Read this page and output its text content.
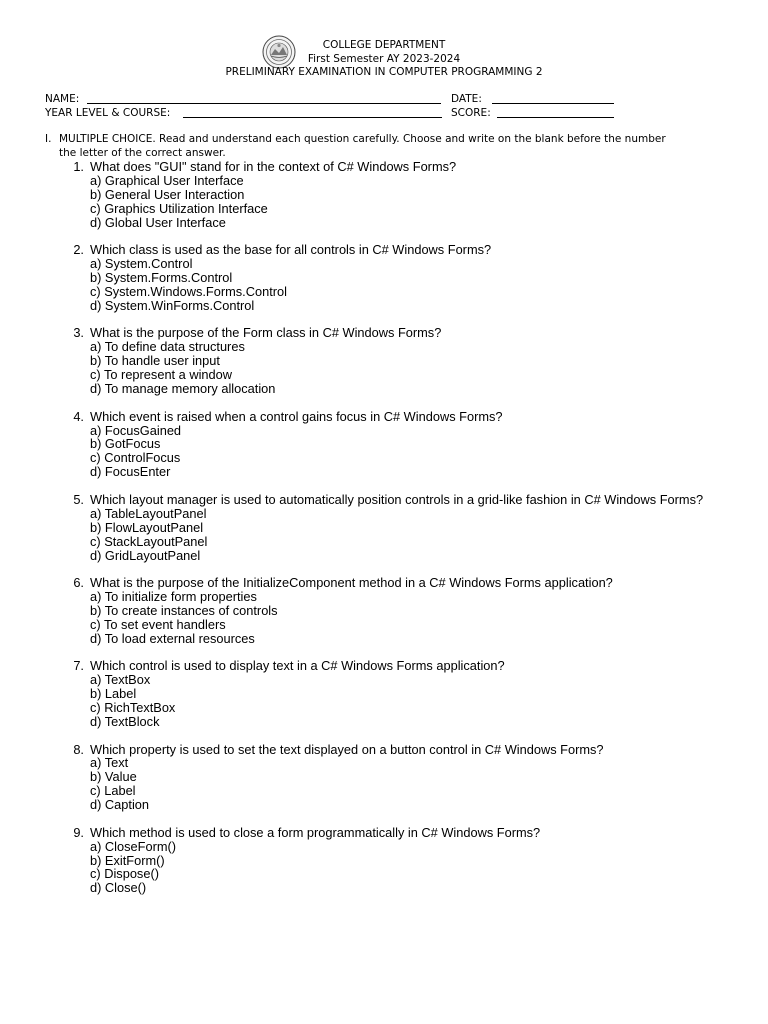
COLLEGE DEPARTMENT
First Semester AY 2023-2024
PRELIMINARY EXAMINATION IN COMPUTER PROGRAMMING 2
NAME:	DATE:
YEAR LEVEL & COURSE:	SCORE:
I. MULTIPLE CHOICE. Read and understand each question carefully. Choose and write on the blank before the number
the letter of the correct answer.
1. What does "GUI" stand for in the context of C# Windows Forms?
a) Graphical User Interface
b) General User Interaction
c) Graphics Utilization Interface
d) Global User Interface
2. Which class is used as the base for all controls in C# Windows Forms?
a) System.Control
b) System.Forms.Control
c) System.Windows.Forms.Control
d) System.WinForms.Control
3. What is the purpose of the Form class in C# Windows Forms?
a) To define data structures
b) To handle user input
c) To represent a window
d) To manage memory allocation
4. Which event is raised when a control gains focus in C# Windows Forms?
a) FocusGained
b) GotFocus
c) ControlFocus
d) FocusEnter
5. Which layout manager is used to automatically position controls in a grid-like fashion in C# Windows Forms?
a) TableLayoutPanel
b) FlowLayoutPanel
c) StackLayoutPanel
d) GridLayoutPanel
6. What is the purpose of the InitializeComponent method in a C# Windows Forms application?
a) To initialize form properties
b) To create instances of controls
c) To set event handlers
d) To load external resources
7. Which control is used to display text in a C# Windows Forms application?
a) TextBox
b) Label
c) RichTextBox
d) TextBlock
8. Which property is used to set the text displayed on a button control in C# Windows Forms?
a) Text
b) Value
c) Label
d) Caption
9. Which method is used to close a form programmatically in C# Windows Forms?
a) CloseForm()
b) ExitForm()
c) Dispose()
d) Close()
